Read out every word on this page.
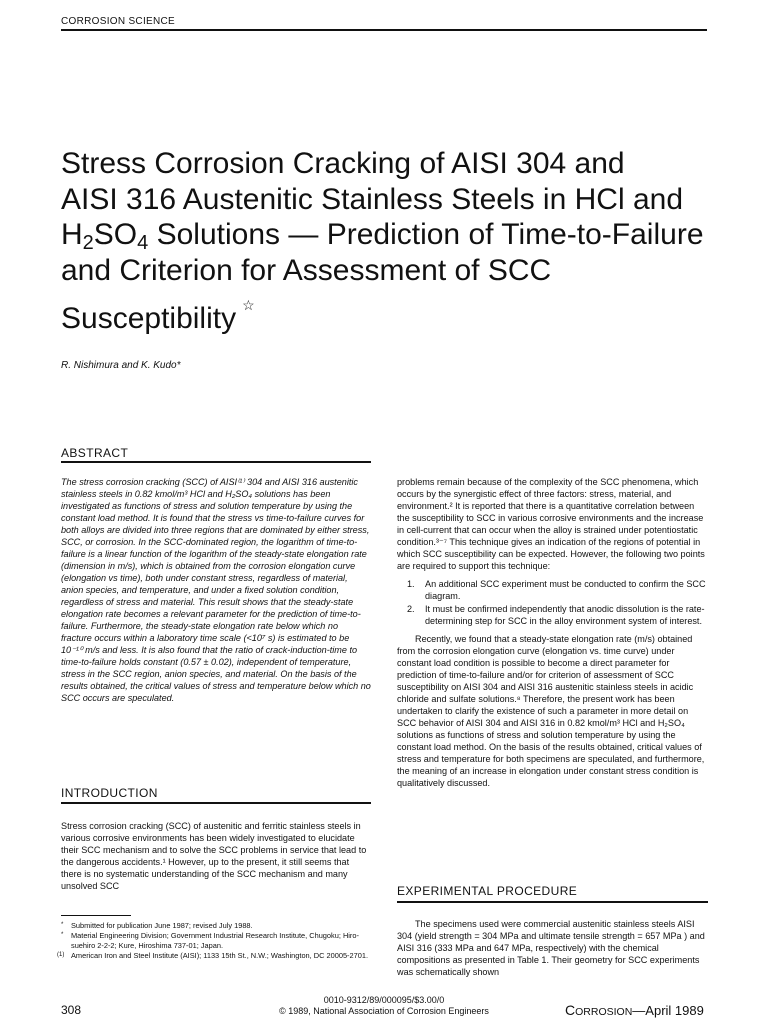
CORROSION SCIENCE
Stress Corrosion Cracking of AISI 304 and
AISI 316 Austenitic Stainless Steels in HCl and
$H_2SO_4$ Solutions — Prediction of Time-to-Failure
and Criterion for Assessment of SCC
Susceptibility ☆
R. Nishimura and K. Kudo*
ABSTRACT

The stress corrosion cracking (SCC) of AISI⁽¹⁾ 304 and AISI 316 austenitic stainless steels in 0.82 kmol/m³ HCl and H₂SO₄ solutions has been investigated as functions of stress and solution temperature by using the constant load method. It is found that the stress vs time-to-failure curves for both alloys are divided into three regions that are dominated by either stress, SCC, or corrosion. In the SCC-dominated region, the logarithm of time-to-failure is a linear function of the logarithm of the steady-state elongation rate (dimension in m/s), which is obtained from the corrosion elongation curve (elongation vs time), both under constant stress, regardless of material, anion species, and temperature, and under a fixed solution condition, regardless of stress and material. This result shows that the steady-state elongation rate becomes a relevant parameter for the prediction of time-to-failure. Furthermore, the steady-state elongation rate below which no fracture occurs within a laboratory time scale (<10⁷ s) is estimated to be 10⁻¹⁰ m/s and less. It is also found that the ratio of crack-induction-time to time-to-failure holds constant (0.57 ± 0.02), independent of temperature, stress in the SCC region, anion species, and material. On the basis of the results obtained, the critical values of stress and temperature below which no SCC occurs are speculated.

INTRODUCTION

Stress corrosion cracking (SCC) of austenitic and ferritic stainless steels in various corrosive environments has been widely investigated to elucidate their SCC mechanism and to solve the SCC problems in service that lead to the dangerous accidents.¹ However, up to the present, it still seems that there is no systematic understanding of the SCC mechanism and many unsolved SCC

problems remain because of the complexity of the SCC phenomena, which occurs by the synergistic effect of three factors: stress, material, and environment.² It is reported that there is a quantitative correlation between the susceptibility to SCC in various corrosive environments and the increase in cell-current that can occur when the alloy is strained under potentiostatic condition.³⁻⁷ This technique gives an indication of the regions of potential in which SCC susceptibility can be expected. However, the following two points are required to support this technique:

1. An additional SCC experiment must be conducted to confirm the SCC diagram.
2. It must be confirmed independently that anodic dissolution is the rate-determining step for SCC in the alloy environment system of interest.

Recently, we found that a steady-state elongation rate (m/s) obtained from the corrosion elongation curve (elongation vs. time curve) under constant load condition is possible to become a direct parameter for prediction of time-to-failure and/or for criterion of assessment of SCC susceptibility on AISI 304 and AISI 316 austenitic stainless steels in acidic chloride and sulfate solutions.⁸ Therefore, the present work has been undertaken to clarify the existence of such a parameter in more detail on SCC behavior of AISI 304 and AISI 316 in 0.82 kmol/m³ HCl and H₂SO₄ solutions as functions of stress and solution temperature by using the constant load method. On the basis of the results obtained, critical values of stress and temperature for both specimens are speculated, and furthermore, the meaning of an increase in elongation under constant stress condition is qualitatively discussed.

EXPERIMENTAL PROCEDURE

The specimens used were commercial austenitic stainless steels AISI 304 (yield strength = 304 MPa and ultimate tensile strength = 657 MPa ) and AISI 316 (333 MPa and 647 MPa, respectively) with the chemical compositions as presented in Table 1. Their geometry for SCC experiments was schematically shown

* Submitted for publication June 1987; revised July 1988.
* Material Engineering Division; Government Industrial Research Institute, Chugoku; Hiro-suehiro 2-2-2; Kure, Hiroshima 737-01; Japan.
(1) American Iron and Steel Institute (AISI); 1133 15th St., N.W.; Washington, DC 20005-2701.
308
0010-9312/89/000095/$3.00/0
© 1989, National Association of Corrosion Engineers	CORROSION—April 1989
